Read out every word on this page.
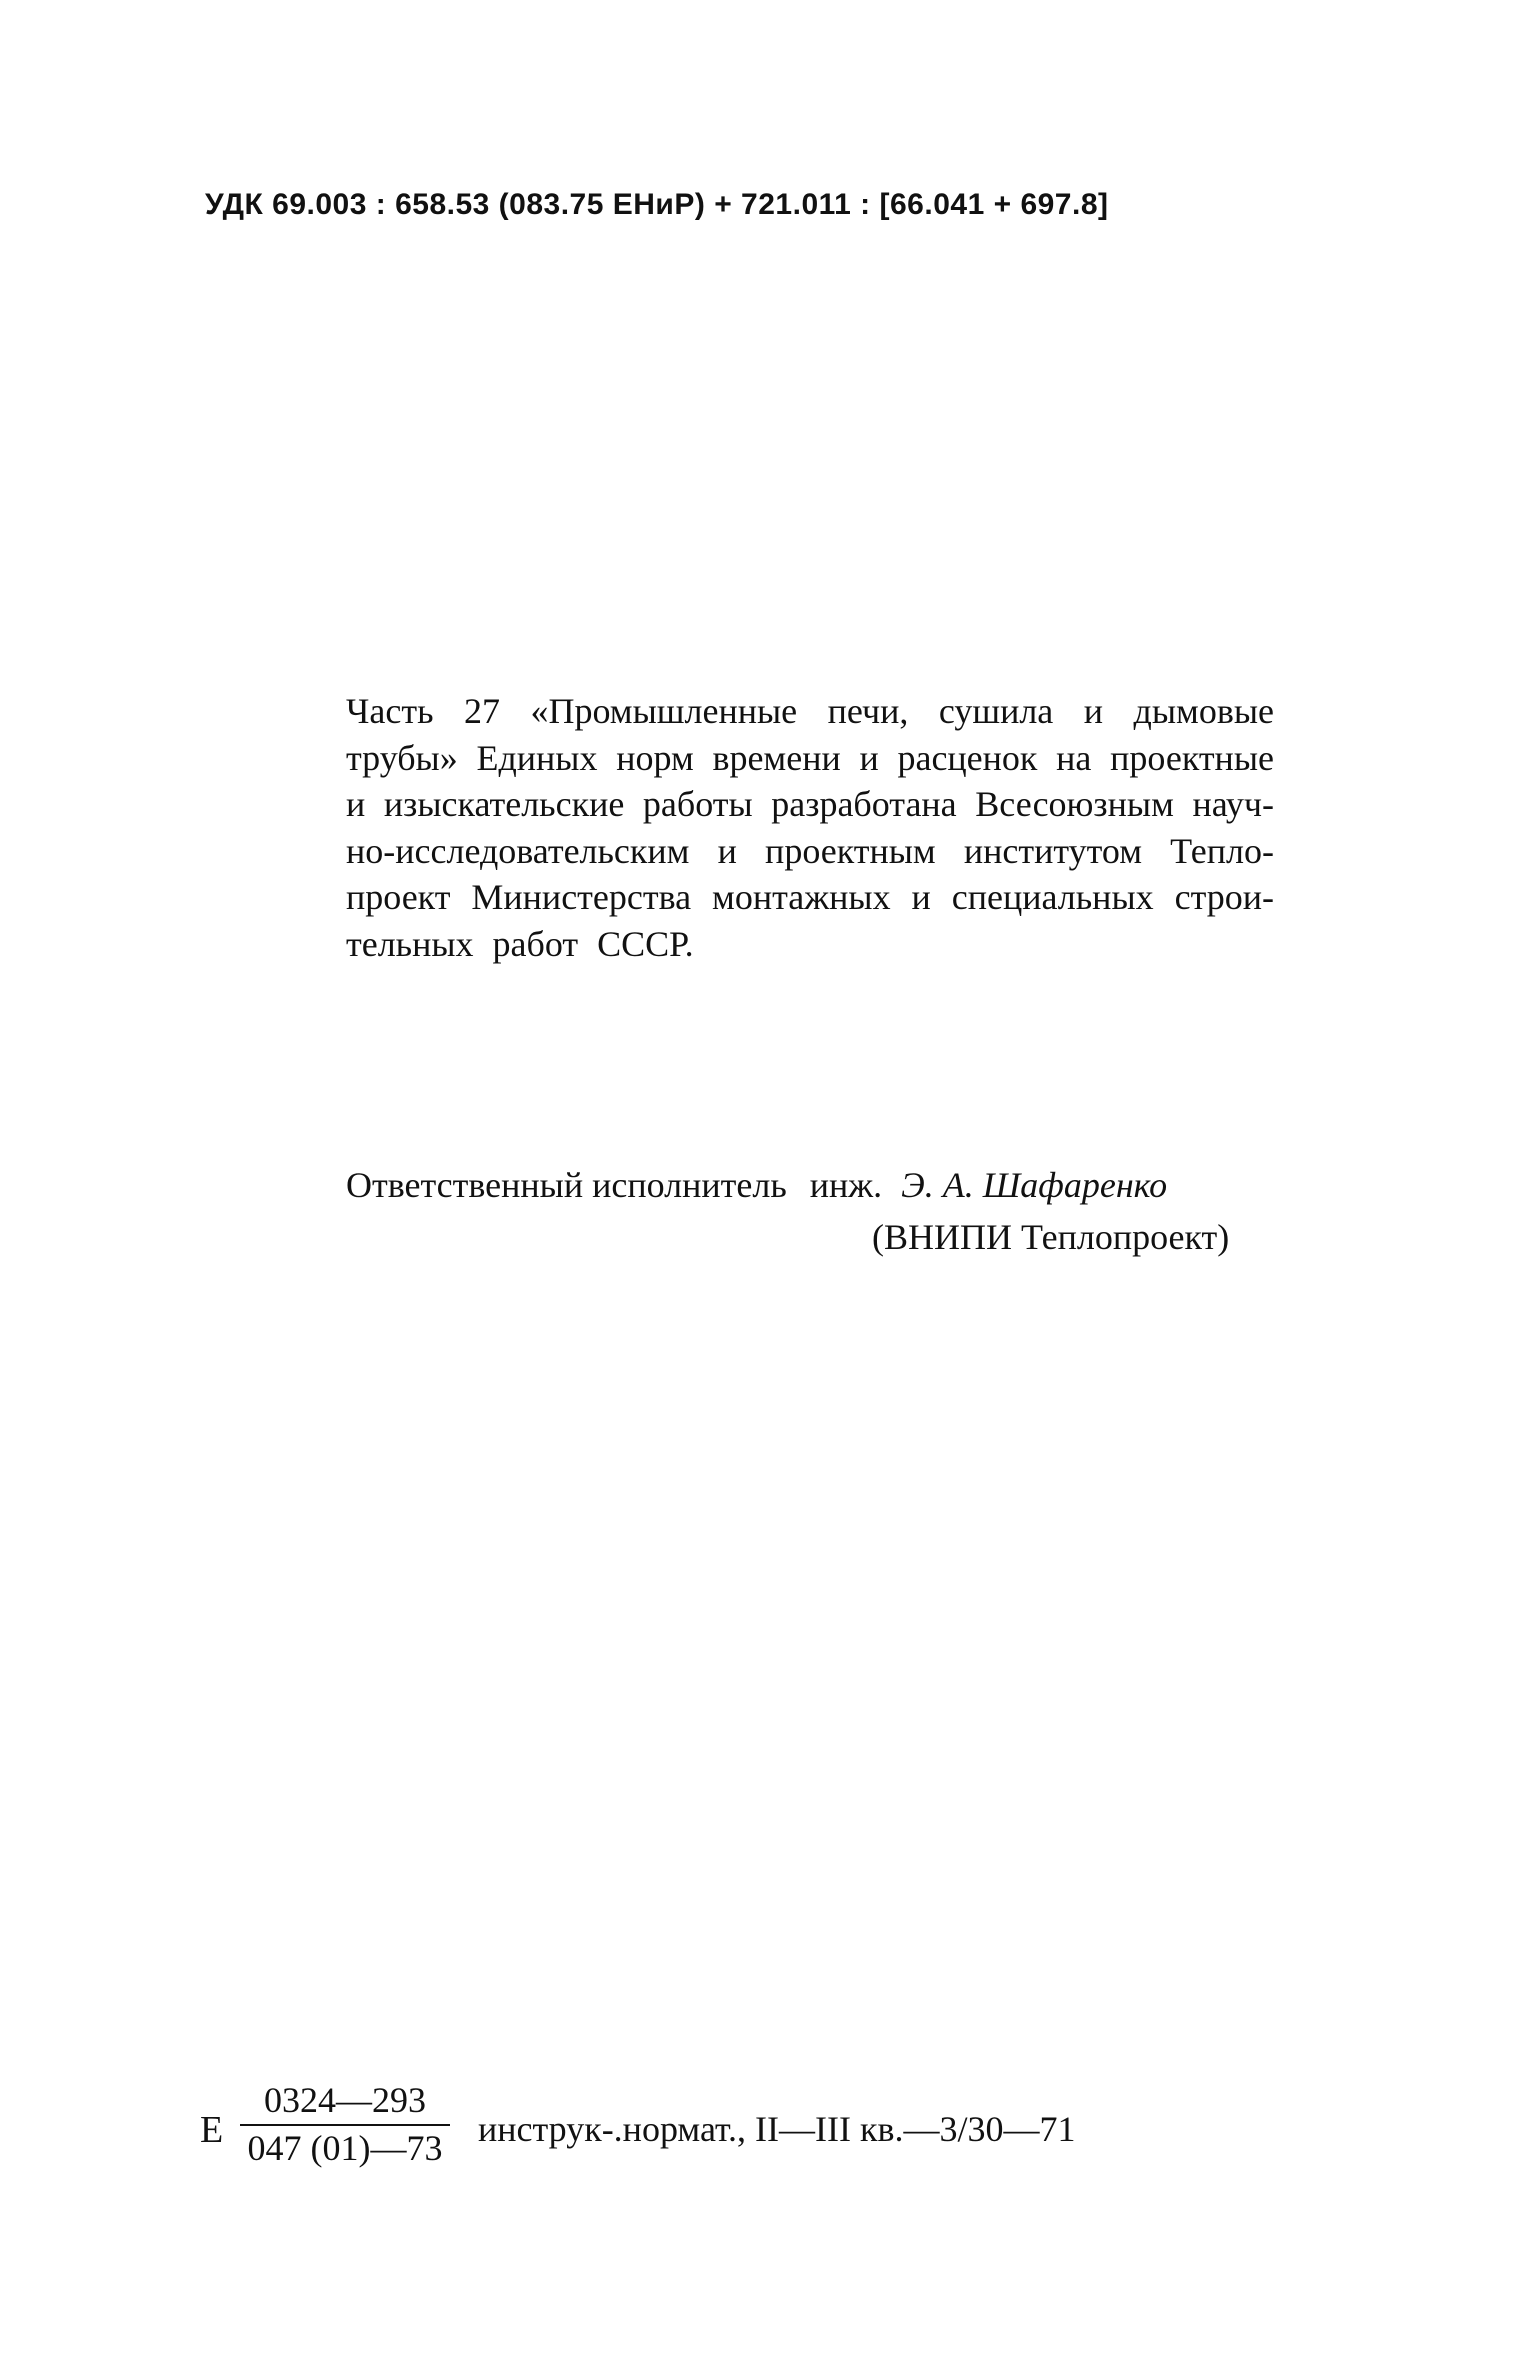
УДК 69.003 : 658.53 (083.75 ЕНиР) + 721.011 : [66.041 + 697.8]
Часть 27 «Промышленные печи, сушила и дымовые
трубы» Единых норм времени и расценок на проектные
и изыскательские работы разработана Всесоюзным науч-
но-исследовательским и проектным институтом Тепло-
проект Министерства монтажных и специальных строи-
тельных работ СССР.
Ответственный исполнитель инж. Э. А. Шафаренко
(ВНИПИ Теплопроект)
Е
0324—293
047 (01)—73 инструк-.нормат., II—III кв.—3/30—71
